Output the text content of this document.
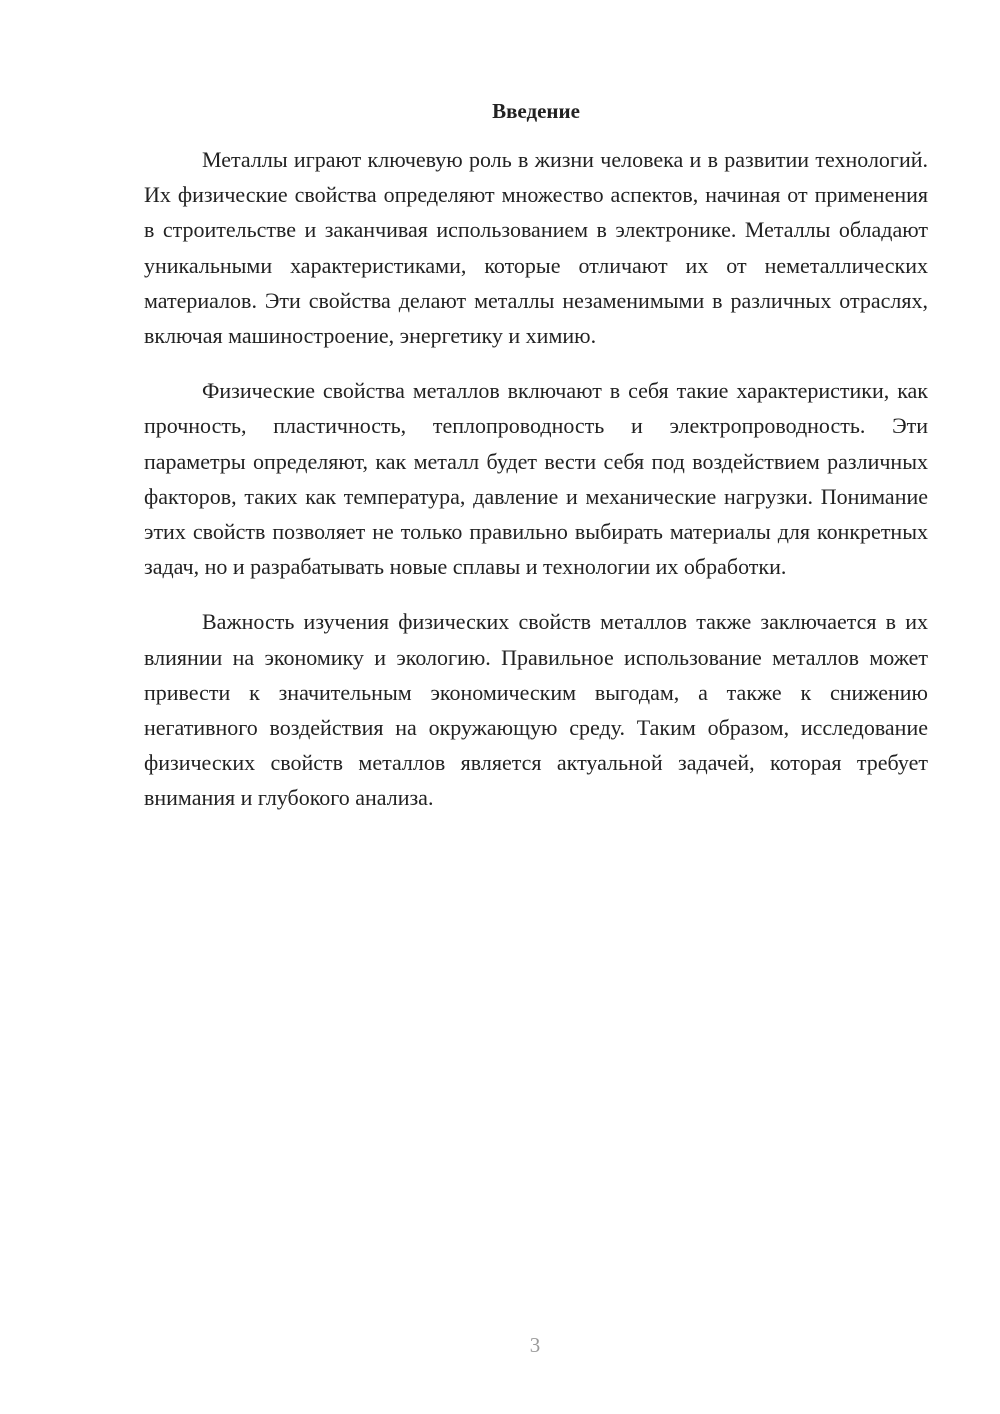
Введение

Металлы играют ключевую роль в жизни человека и в развитии технологий. Их физические свойства определяют множество аспектов, начиная от применения в строительстве и заканчивая использованием в электронике. Металлы обладают уникальными характеристиками, которые отличают их от неметаллических материалов. Эти свойства делают металлы незаменимыми в различных отраслях, включая машиностроение, энергетику и химию.

Физические свойства металлов включают в себя такие характеристики, как прочность, пластичность, теплопроводность и электропроводность. Эти параметры определяют, как металл будет вести себя под воздействием различных факторов, таких как температура, давление и механические нагрузки. Понимание этих свойств позволяет не только правильно выбирать материалы для конкретных задач, но и разрабатывать новые сплавы и технологии их обработки.

Важность изучения физических свойств металлов также заключается в их влиянии на экономику и экологию. Правильное использование металлов может привести к значительным экономическим выгодам, а также к снижению негативного воздействия на окружающую среду. Таким образом, исследование физических свойств металлов является актуальной задачей, которая требует внимания и глубокого анализа.

3
